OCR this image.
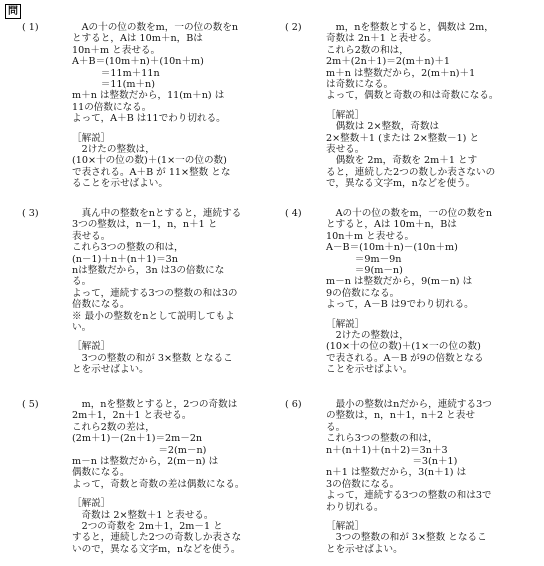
問
( 1)	　Aの十の位の数をm，一の位の数をn
とすると，Aは 10m＋n，Bは
10n＋m と表せる。
A＋B＝(10m＋n)＋(10n＋m)
　　　＝11m＋11n
　　　＝11(m＋n)
m＋n は整数だから，11(m＋n) は
11の倍数になる。
よって，A＋B は11でわり切れる。
［解説］
　2けたの整数は，
(10×十の位の数)＋(1×一の位の数)
で表される。A＋B が 11×整数 とな
ることを示せばよい。
( 2)	　m，nを整数とすると，偶数は 2m，
奇数は 2n＋1 と表せる。
これら2数の和は，
2m＋(2n＋1)＝2(m＋n)＋1
m＋n は整数だから，2(m＋n)＋1
は奇数になる。
よって，偶数と奇数の和は奇数になる。
［解説］
　偶数は 2×整数，奇数は
2×整数＋1 (または 2×整数－1) と
表せる。
　偶数を 2m，奇数を 2m＋1 とす
ると，連続した2つの数しか表さないの
で，異なる文字m，nなどを使う。
( 3)	　真ん中の整数をnとすると，連続する
3つの整数は，n－1，n，n＋1 と
表せる。
これら3つの整数の和は，
(n－1)＋n＋(n＋1)＝3n
nは整数だから，3n は3の倍数にな
る。
よって，連続する3つの整数の和は3の
倍数になる。
※ 最小の整数をnとして説明してもよ
い。
［解説］
　3つの整数の和が 3×整数 となるこ
とを示せばよい。
( 4)	　Aの十の位の数をm，一の位の数をn
とすると，Aは 10m＋n，Bは
10n＋m と表せる。
A－B＝(10m＋n)－(10n＋m)
　　　＝9m－9n
　　　＝9(m－n)
m－n は整数だから，9(m－n) は
9の倍数になる。
よって，A－B は9でわり切れる。
［解説］
　2けたの整数は，
(10×十の位の数)＋(1×一の位の数)
で表される。A－B が9の倍数となる
ことを示せばよい。
( 5)	　m，nを整数とすると，2つの奇数は
2m＋1，2n＋1 と表せる。
これら2数の差は，
(2m＋1)－(2n＋1)＝2m－2n
　　　　　　　　　＝2(m－n)
m－n は整数だから，2(m－n) は
偶数になる。
よって，奇数と奇数の差は偶数になる。
［解説］
　奇数は 2×整数＋1 と表せる。
　2つの奇数を 2m＋1，2m－1 と
すると，連続した2つの奇数しか表さな
いので，異なる文字m，nなどを使う。
( 6)	　最小の整数はnだから，連続する3つ
の整数は，n，n＋1，n＋2 と表せ
る。
これら3つの整数の和は，
n＋(n＋1)＋(n＋2)＝3n＋3
　　　　　　　　　＝3(n＋1)
n＋1 は整数だから，3(n＋1) は
3の倍数になる。
よって，連続する3つの整数の和は3で
わり切れる。
［解説］
　3つの整数の和が 3×整数 となるこ
とを示せばよい。
